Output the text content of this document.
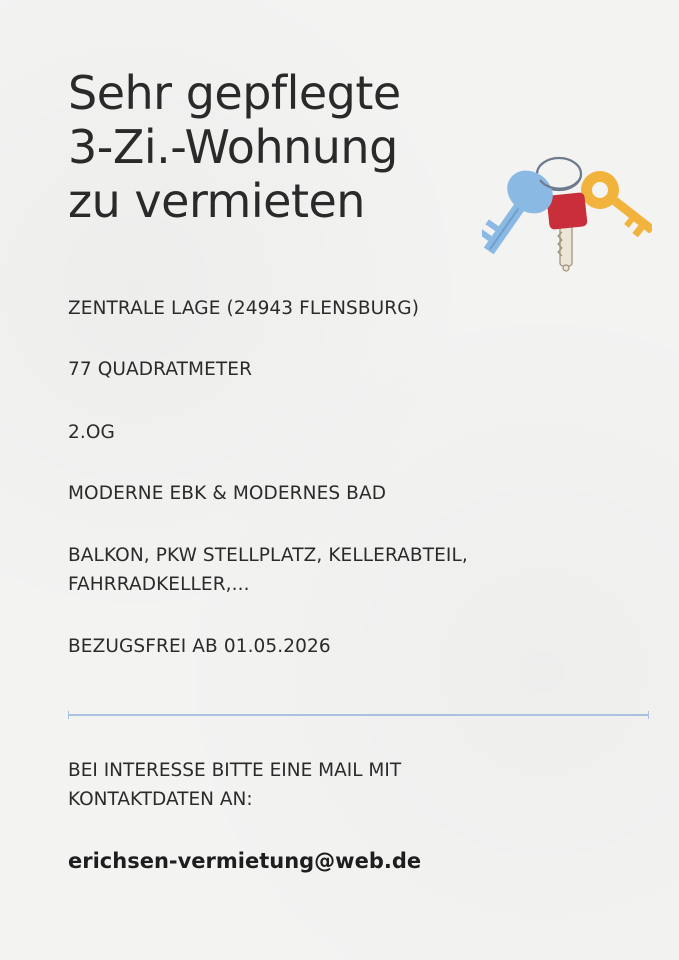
Sehr gepflegte
3-Zi.-Wohnung
zu vermieten

ZENTRALE LAGE (24943 FLENSBURG)

77 QUADRATMETER

2.OG

MODERNE EBK & MODERNES BAD

BALKON, PKW STELLPLATZ, KELLERABTEIL,

FAHRRADKELLER,...

BEZUGSFREI AB 01.05.2026

BEI INTERESSE BITTE EINE MAIL MIT
KONTAKTDATEN AN:

erichsen-vermietung@web.de
